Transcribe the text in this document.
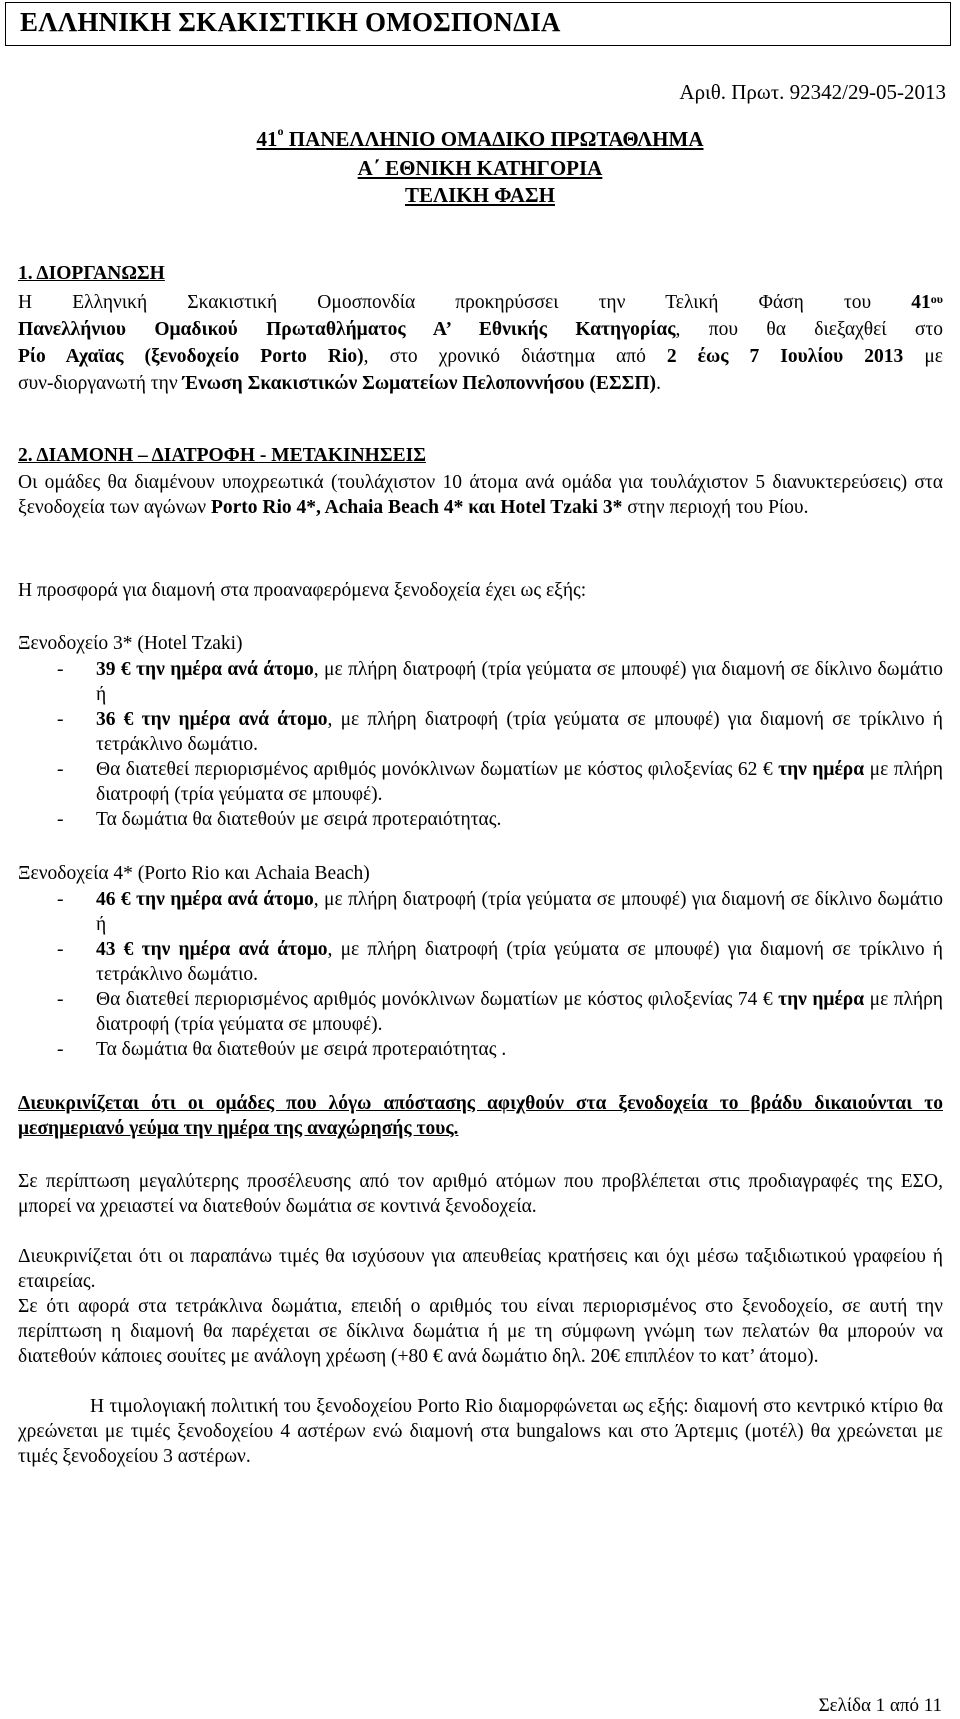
ΕΛΛΗΝΙΚΗ ΣΚΑΚΙΣΤΙΚΗ ΟΜΟΣΠΟΝΔΙΑ
Αριθ. Πρωτ. 92342/29-05-2013
$41^o$ ΠΑΝΕΛΛΗΝΙΟ ΟΜΑΔΙΚΟ ΠΡΩΤΑΘΛΗΜΑ
Α΄ ΕΘΝΙΚΗ ΚΑΤΗΓΟΡΙΑ
ΤΕΛΙΚΗ ΦΑΣΗ
1. ΔΙΟΡΓΑΝΩΣΗ
Η Ελληνική Σκακιστική Ομοσπονδία προκηρύσσει την Τελική Φάση του $41^{o\upsilon}$
Πανελλήνιου Ομαδικού Πρωταθλήματος Α’ Εθνικής Κατηγορίας, που θα διεξαχθεί στο
Ρίο Αχαϊας (ξενοδοχείο Porto Rio), στο χρονικό διάστημα από 2 έως 7 Ιουλίου 2013 με
συν-διοργανωτή την Ένωση Σκακιστικών Σωματείων Πελοποννήσου (ΕΣΣΠ).
2. ΔΙΑΜΟΝΗ – ΔΙΑΤΡΟΦΗ - ΜΕΤΑΚΙΝΗΣΕΙΣ
Οι ομάδες θα διαμένουν υποχρεωτικά (τουλάχιστον 10 άτομα ανά ομάδα για τουλάχιστον 5 διανυκτερεύσεις) στα ξενοδοχεία των αγώνων Porto Rio 4*, Achaia Beach 4* και Hotel Tzaki 3* στην περιοχή του Ρίου.
Η προσφορά για διαμονή στα προαναφερόμενα ξενοδοχεία έχει ως εξής:
Ξενοδοχείο 3* (Hotel Tzaki)
- 39 € την ημέρα ανά άτομο, με πλήρη διατροφή (τρία γεύματα σε μπουφέ) για διαμονή σε δίκλινο δωμάτιο ή
- 36 € την ημέρα ανά άτομο, με πλήρη διατροφή (τρία γεύματα σε μπουφέ) για διαμονή σε τρίκλινο ή τετράκλινο δωμάτιο.
- Θα διατεθεί περιορισμένος αριθμός μονόκλινων δωματίων με κόστος φιλοξενίας 62 € την ημέρα με πλήρη διατροφή (τρία γεύματα σε μπουφέ).
- Τα δωμάτια θα διατεθούν με σειρά προτεραιότητας.
Ξενοδοχεία 4* (Porto Rio και Achaia Beach)
- 46 € την ημέρα ανά άτομο, με πλήρη διατροφή (τρία γεύματα σε μπουφέ) για διαμονή σε δίκλινο δωμάτιο ή
- 43 € την ημέρα ανά άτομο, με πλήρη διατροφή (τρία γεύματα σε μπουφέ) για διαμονή σε τρίκλινο ή τετράκλινο δωμάτιο.
- Θα διατεθεί περιορισμένος αριθμός μονόκλινων δωματίων με κόστος φιλοξενίας 74 € την ημέρα με πλήρη διατροφή (τρία γεύματα σε μπουφέ).
- Τα δωμάτια θα διατεθούν με σειρά προτεραιότητας .
Διευκρινίζεται ότι οι ομάδες που λόγω απόστασης αφιχθούν στα ξενοδοχεία το βράδυ δικαιούνται το μεσημεριανό γεύμα την ημέρα της αναχώρησής τους.
Σε περίπτωση μεγαλύτερης προσέλευσης από τον αριθμό ατόμων που προβλέπεται στις προδιαγραφές της ΕΣΟ, μπορεί να χρειαστεί να διατεθούν δωμάτια σε κοντινά ξενοδοχεία.
Διευκρινίζεται ότι οι παραπάνω τιμές θα ισχύσουν για απευθείας κρατήσεις και όχι μέσω ταξιδιωτικού γραφείου ή εταιρείας.
Σε ότι αφορά στα τετράκλινα δωμάτια, επειδή ο αριθμός του είναι περιορισμένος στο ξενοδοχείο, σε αυτή την περίπτωση η διαμονή θα παρέχεται σε δίκλινα δωμάτια ή με τη σύμφωνη γνώμη των πελατών θα μπορούν να διατεθούν κάποιες σουίτες με ανάλογη χρέωση (+80 € ανά δωμάτιο δηλ. 20€ επιπλέον το κατ’ άτομο).
Η τιμολογιακή πολιτική του ξενοδοχείου Porto Rio διαμορφώνεται ως εξής: διαμονή στο κεντρικό κτίριο θα χρεώνεται με τιμές ξενοδοχείου 4 αστέρων ενώ διαμονή στα bungalows και στο Άρτεμις (μοτέλ) θα χρεώνεται με τιμές ξενοδοχείου 3 αστέρων.
Σελίδα 1 από 11
